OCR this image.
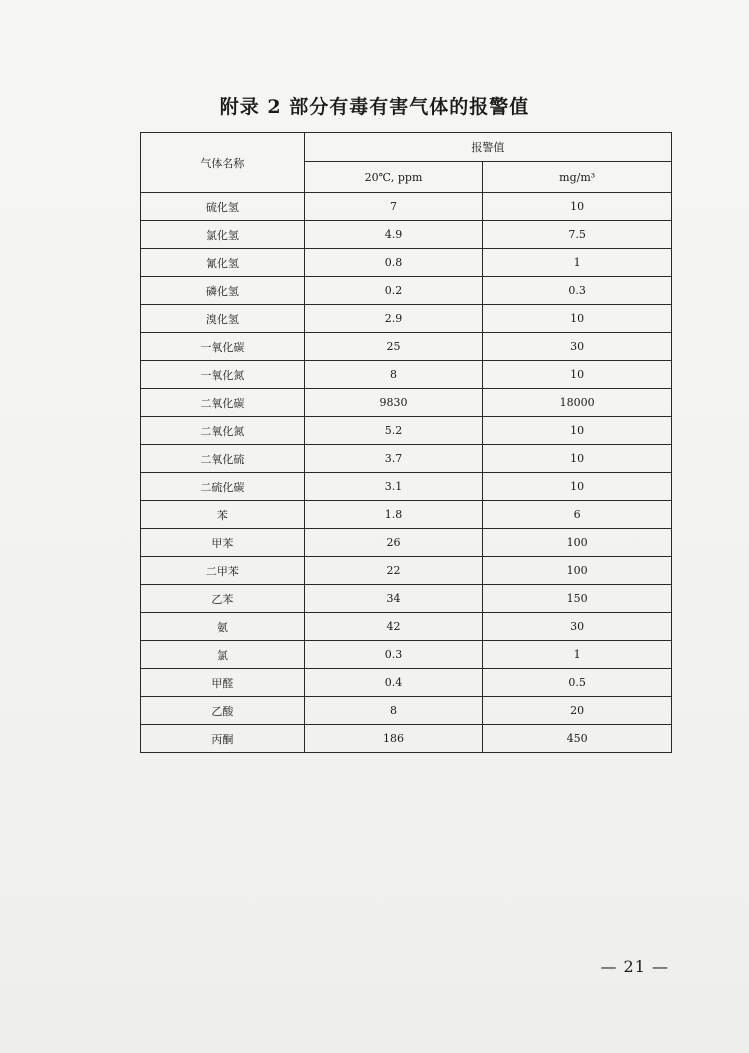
附录 2 部分有毒有害气体的报警值
气体名称	报警值	
	20℃, ppm	mg/m³
硫化氢	7	10
氯化氢	4.9	7.5
氰化氢	0.8	1
磷化氢	0.2	0.3
溴化氢	2.9	10
一氧化碳	25	30
一氧化氮	8	10
二氧化碳	9830	18000
二氧化氮	5.2	10
二氧化硫	3.7	10
二硫化碳	3.1	10
苯	1.8	6
甲苯	26	100
二甲苯	22	100
乙苯	34	150
氨	42	30
氯	0.3	1
甲醛	0.4	0.5
乙酸	8	20
丙酮	186	450
— 21 —
